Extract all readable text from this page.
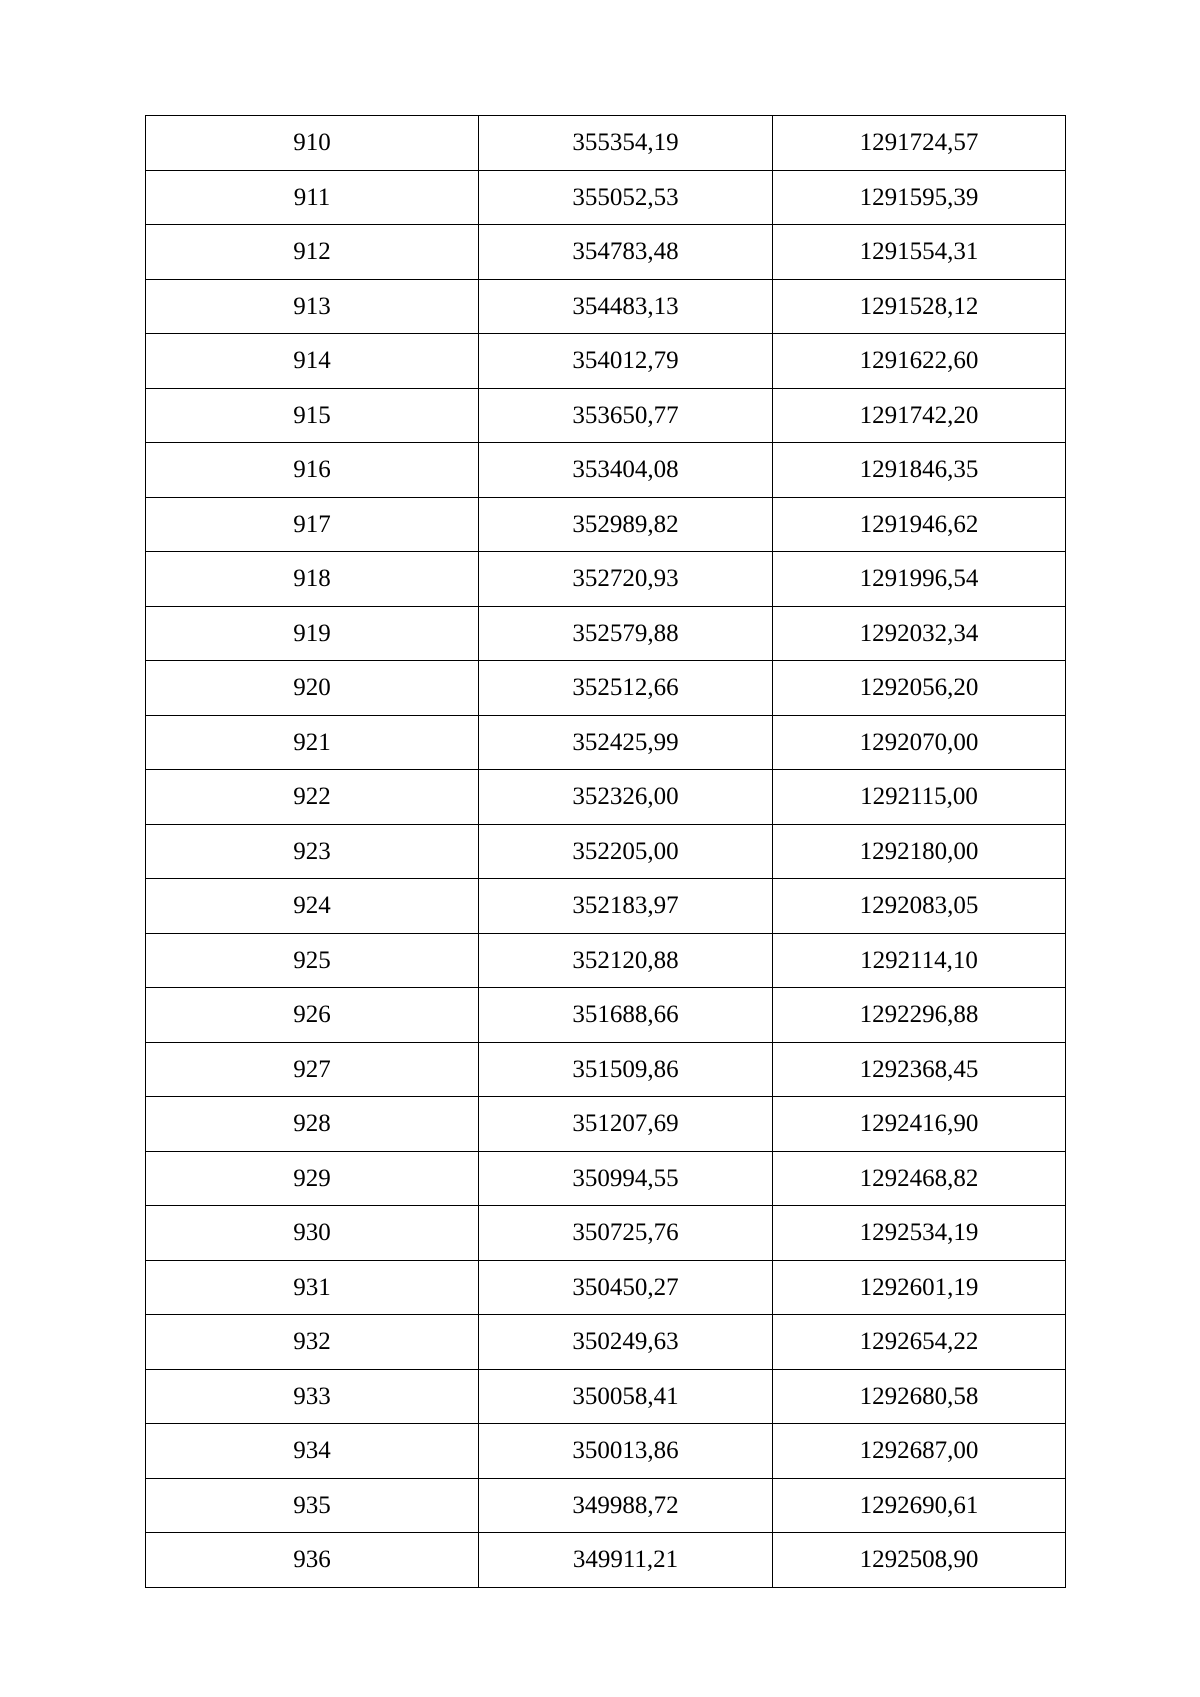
910	355354,19	1291724,57
911	355052,53	1291595,39
912	354783,48	1291554,31
913	354483,13	1291528,12
914	354012,79	1291622,60
915	353650,77	1291742,20
916	353404,08	1291846,35
917	352989,82	1291946,62
918	352720,93	1291996,54
919	352579,88	1292032,34
920	352512,66	1292056,20
921	352425,99	1292070,00
922	352326,00	1292115,00
923	352205,00	1292180,00
924	352183,97	1292083,05
925	352120,88	1292114,10
926	351688,66	1292296,88
927	351509,86	1292368,45
928	351207,69	1292416,90
929	350994,55	1292468,82
930	350725,76	1292534,19
931	350450,27	1292601,19
932	350249,63	1292654,22
933	350058,41	1292680,58
934	350013,86	1292687,00
935	349988,72	1292690,61
936	349911,21	1292508,90
